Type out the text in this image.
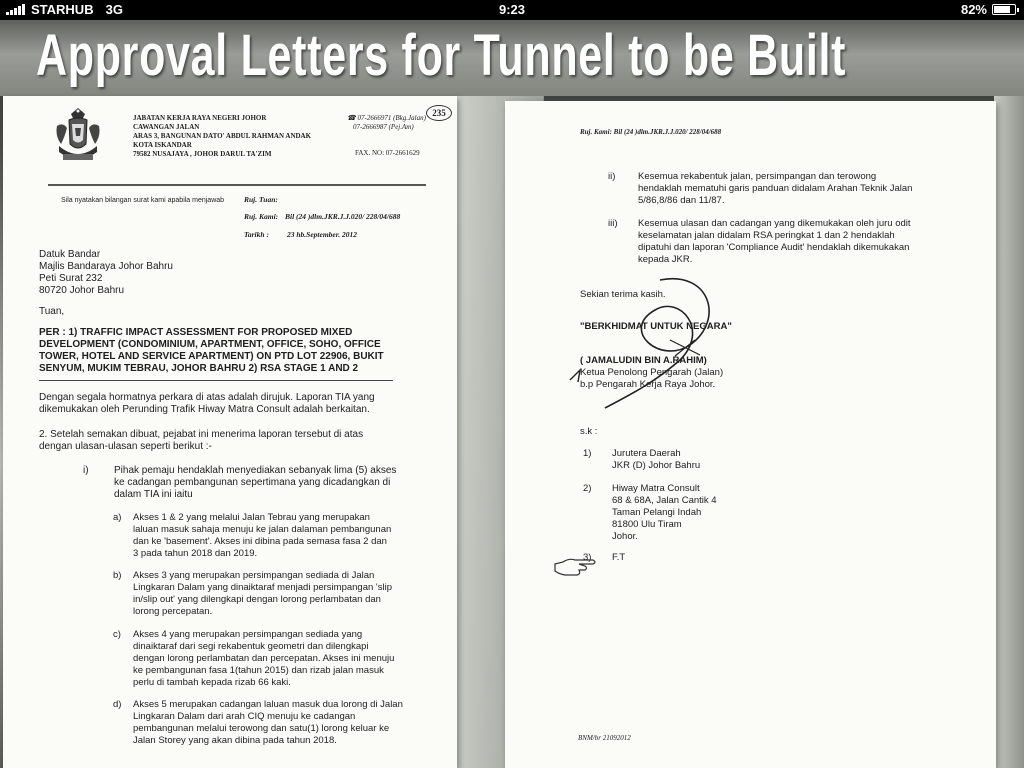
STARHUB 3G	9:23	82%
Approval Letters for Tunnel to be Built
JABATAN KERJA RAYA NEGERI JOHOR
CAWANGAN JALAN
ARAS 3, BANGUNAN DATO' ABDUL RAHMAN ANDAK
KOTA ISKANDAR
79582 NUSAJAYA , JOHOR DARUL TA'ZIM
☎ 07-2666971 (Bkg.Jalan)
07-2666987 (Pej.Am)
FAX. NO: 07-2661629
235
Sila nyatakan bilangan surat kami apabila menjawab	Ruj. Tuan:
Ruj. Kami: Bil (24 )dlm.JKR.J.J.020/ 228/04/688
Tarikh : 23 hb.September. 2012
Datuk Bandar
Majlis Bandaraya Johor Bahru
Peti Surat 232
80720 Johor Bahru
Tuan,
PER : 1) TRAFFIC IMPACT ASSESSMENT FOR PROPOSED MIXED
DEVELOPMENT (CONDOMINIUM, APARTMENT, OFFICE, SOHO, OFFICE
TOWER, HOTEL AND SERVICE APARTMENT) ON PTD LOT 22906, BUKIT
SENYUM, MUKIM TEBRAU, JOHOR BAHRU 2) RSA STAGE 1 AND 2
Dengan segala hormatnya perkara di atas adalah dirujuk. Laporan TIA yang
dikemukakan oleh Perunding Trafik Hiway Matra Consult adalah berkaitan.
2. Setelah semakan dibuat, pejabat ini menerima laporan tersebut di atas
dengan ulasan-ulasan seperti berikut :-
i)	Pihak pemaju hendaklah menyediakan sebanyak lima (5) akses
ke cadangan pembangunan sepertimana yang dicadangkan di
dalam TIA ini iaitu
a) Akses 1 & 2 yang melalui Jalan Tebrau yang merupakan
laluan masuk sahaja menuju ke jalan dalaman pembangunan
dan ke 'basement'. Akses ini dibina pada semasa fasa 2 dan
3 pada tahun 2018 dan 2019.
b) Akses 3 yang merupakan persimpangan sediada di Jalan
Lingkaran Dalam yang dinaiktaraf menjadi persimpangan 'slip
in/slip out' yang dilengkapi dengan lorong perlambatan dan
lorong percepatan.
c) Akses 4 yang merupakan persimpangan sediada yang
dinaiktaraf dari segi rekabentuk geometri dan dilengkapi
dengan lorong perlambatan dan percepatan. Akses ini menuju
ke pembangunan fasa 1(tahun 2015) dan rizab jalan masuk
perlu di tambah kepada rizab 66 kaki.
d) Akses 5 merupakan cadangan laluan masuk dua lorong di Jalan
Lingkaran Dalam dari arah CIQ menuju ke cadangan
pembangunan melalui terowong dan satu(1) lorong keluar ke
Jalan Storey yang akan dibina pada tahun 2018.
Ruj. Kami: Bil (24 )dlm.JKR.J.J.020/ 228/04/688
ii) Kesemua rekabentuk jalan, persimpangan dan terowong
hendaklah mematuhi garis panduan didalam Arahan Teknik Jalan
5/86,8/86 dan 11/87.
iii) Kesemua ulasan dan cadangan yang dikemukakan oleh juru odit
keselamatan jalan didalam RSA peringkat 1 dan 2 hendaklah
dipatuhi dan laporan 'Compliance Audit' hendaklah dikemukakan
kepada JKR.
Sekian terima kasih.
"BERKHIDMAT UNTUK NEGARA"
( JAMALUDIN BIN A.RAHIM)
Ketua Penolong Pengarah (Jalan)
b.p Pengarah Kerja Raya Johor.
s.k :
1) Jurutera Daerah
JKR (D) Johor Bahru
2) Hiway Matra Consult
68 & 68A, Jalan Cantik 4
Taman Pelangi Indah
81800 Ulu Tiram
Johor.
3) F.T
BNM/br 21092012
